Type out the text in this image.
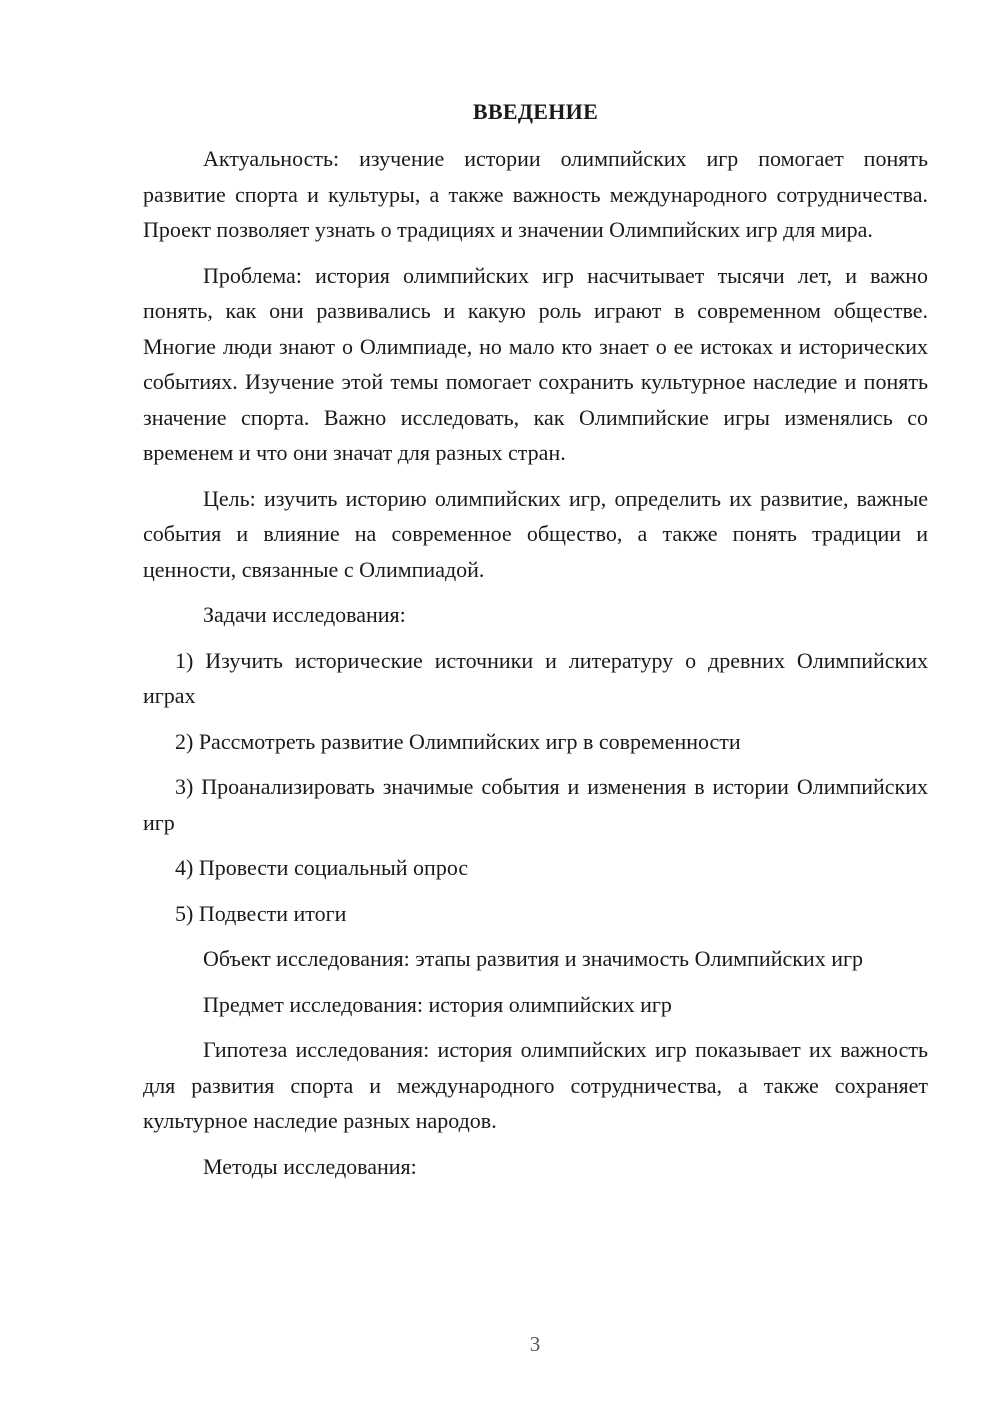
ВВЕДЕНИЕ

Актуальность: изучение истории олимпийских игр помогает понять развитие спорта и культуры, а также важность международного сотрудничества. Проект позволяет узнать о традициях и значении Олимпийских игр для мира.

Проблема: история олимпийских игр насчитывает тысячи лет, и важно понять, как они развивались и какую роль играют в современном обществе. Многие люди знают о Олимпиаде, но мало кто знает о ее истоках и исторических событиях. Изучение этой темы помогает сохранить культурное наследие и понять значение спорта. Важно исследовать, как Олимпийские игры изменялись со временем и что они значат для разных стран.

Цель: изучить историю олимпийских игр, определить их развитие, важные события и влияние на современное общество, а также понять традиции и ценности, связанные с Олимпиадой.

Задачи исследования:

1) Изучить исторические источники и литературу о древних Олимпийских играх

2) Рассмотреть развитие Олимпийских игр в современности

3) Проанализировать значимые события и изменения в истории Олимпийских игр

4) Провести социальный опрос

5) Подвести итоги

Объект исследования: этапы развития и значимость Олимпийских игр

Предмет исследования: история олимпийских игр

Гипотеза исследования: история олимпийских игр показывает их важность для развития спорта и международного сотрудничества, а также сохраняет культурное наследие разных народов.

Методы исследования:

3
